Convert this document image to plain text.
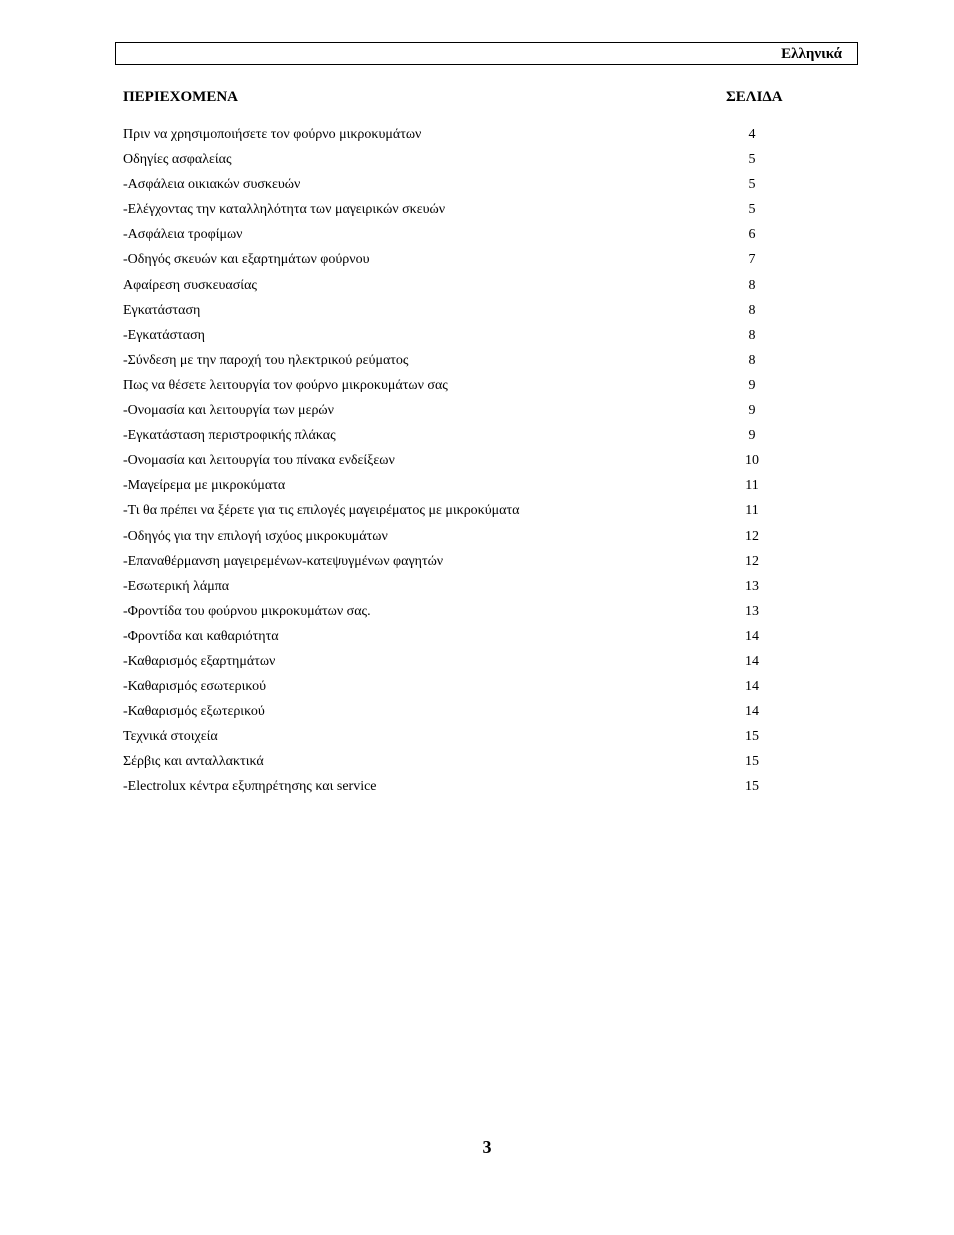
Ελληνικά
ΠΕΡΙΕΧΟΜΕΝΑ	ΣΕΛΙΔΑ
Πριν να χρησιμοποιήσετε τον φούρνο μικροκυμάτων	4
Οδηγίες ασφαλείας	5
-Ασφάλεια οικιακών συσκευών	5
-Ελέγχοντας την καταλληλότητα των μαγειρικών σκευών	5
-Ασφάλεια τροφίμων	6
-Οδηγός σκευών και εξαρτημάτων φούρνου	7
Αφαίρεση συσκευασίας	8
Εγκατάσταση	8
-Εγκατάσταση	8
-Σύνδεση με την παροχή του ηλεκτρικού ρεύματος	8
Πως να θέσετε λειτουργία τον φούρνο μικροκυμάτων σας	9
-Ονομασία και λειτουργία των μερών	9
-Εγκατάσταση περιστροφικής πλάκας	9
-Ονομασία και λειτουργία του πίνακα ενδείξεων	10
-Μαγείρεμα με μικροκύματα	11
-Τι θα πρέπει να ξέρετε για τις επιλογές μαγειρέματος με μικροκύματα	11
-Οδηγός για την επιλογή ισχύος μικροκυμάτων	12
-Επαναθέρμανση μαγειρεμένων-κατεψυγμένων φαγητών	12
-Εσωτερική λάμπα	13
-Φροντίδα του φούρνου μικροκυμάτων σας.	13
-Φροντίδα και καθαριότητα	14
-Καθαρισμός εξαρτημάτων	14
-Καθαρισμός εσωτερικού	14
-Καθαρισμός εξωτερικού	14
Τεχνικά στοιχεία	15
Σέρβις και ανταλλακτικά	15
-Electrolux κέντρα εξυπηρέτησης και service	15
3
